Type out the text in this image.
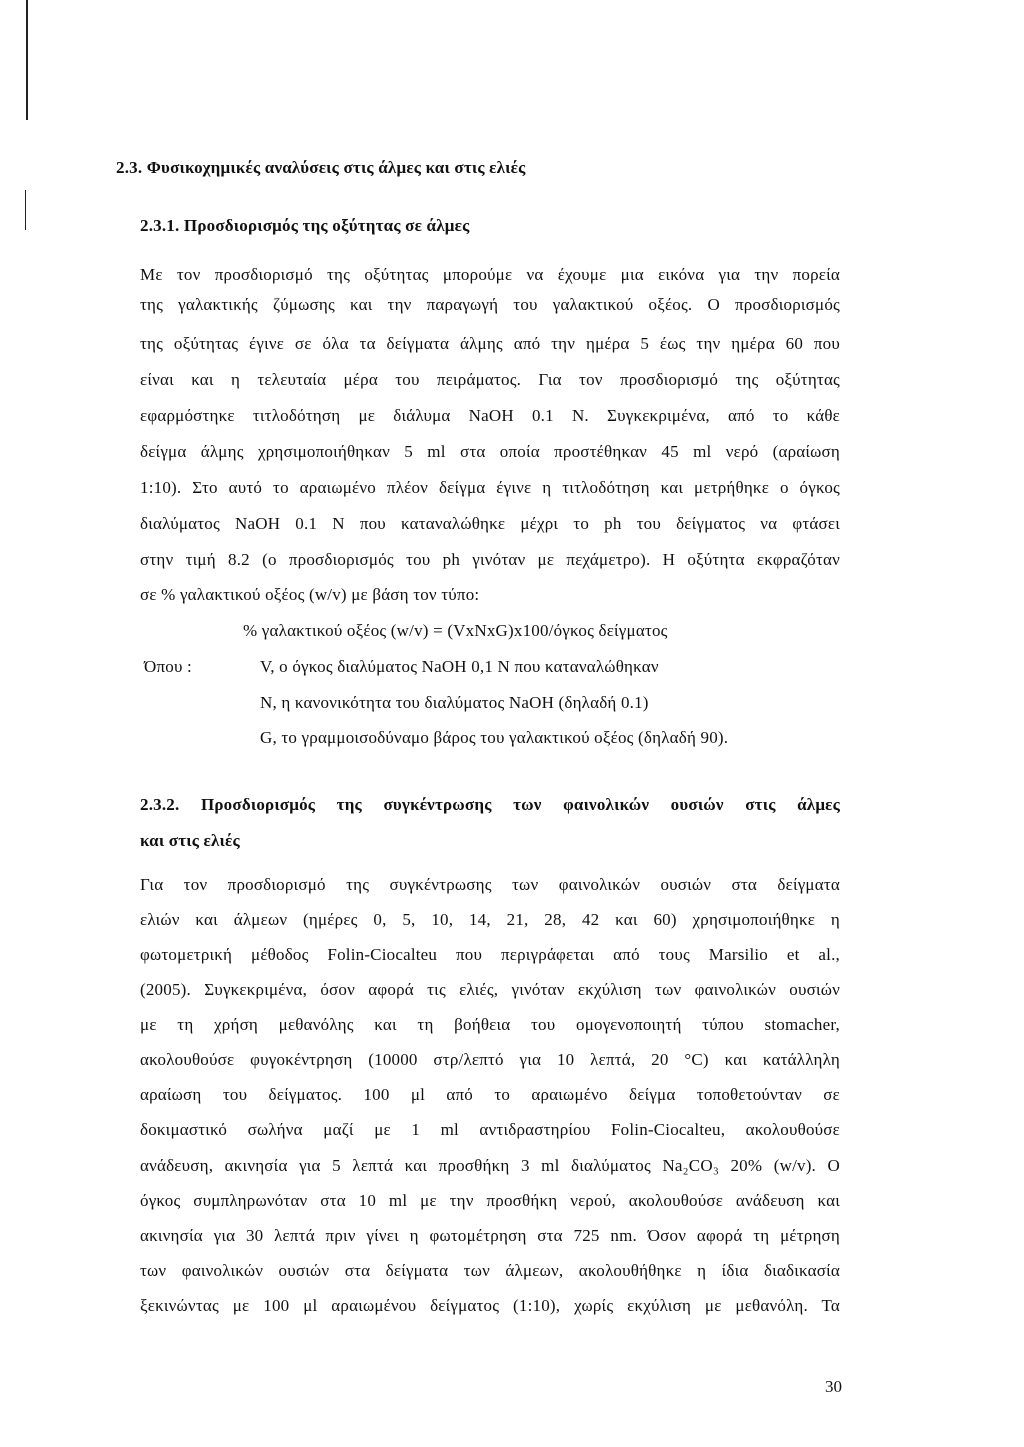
2.3. Φυσικοχημικές αναλύσεις στις άλμες και στις ελιές
2.3.1. Προσδιορισμός της οξύτητας σε άλμες
Με τον προσδιορισμό της οξύτητας μπορούμε να έχουμε μια εικόνα για την πορεία
της γαλακτικής ζύμωσης και την παραγωγή του γαλακτικού οξέος. Ο προσδιορισμός
της οξύτητας έγινε σε όλα τα δείγματα άλμης από την ημέρα 5 έως την ημέρα 60 που
είναι και η τελευταία μέρα του πειράματος. Για τον προσδιορισμό της οξύτητας
εφαρμόστηκε τιτλοδότηση με διάλυμα NaOH 0.1 N. Συγκεκριμένα, από το κάθε
δείγμα άλμης χρησιμοποιήθηκαν 5 ml στα οποία προστέθηκαν 45 ml νερό (αραίωση
1:10). Στο αυτό το αραιωμένο πλέον δείγμα έγινε η τιτλοδότηση και μετρήθηκε ο όγκος
διαλύματος NaOH 0.1 N που καταναλώθηκε μέχρι το ph του δείγματος να φτάσει
στην τιμή 8.2 (ο προσδιορισμός του ph γινόταν με πεχάμετρο). Η οξύτητα εκφραζόταν
σε % γαλακτικού οξέος (w/v) με βάση τον τύπο:
% γαλακτικού οξέος (w/v) = (VxNxG)x100/όγκος δείγματος
Όπου :	V, ο όγκος διαλύματος NaOH 0,1 N που καταναλώθηκαν
N, η κανονικότητα του διαλύματος NaOH (δηλαδή 0.1)
G, το γραμμοισοδύναμο βάρος του γαλακτικού οξέος (δηλαδή 90).
2.3.2. Προσδιορισμός της συγκέντρωσης των φαινολικών ουσιών στις άλμες
και στις ελιές
Για τον προσδιορισμό της συγκέντρωσης των φαινολικών ουσιών στα δείγματα
ελιών και άλμεων (ημέρες 0, 5, 10, 14, 21, 28, 42 και 60) χρησιμοποιήθηκε η
φωτομετρική μέθοδος Folin-Ciocalteu που περιγράφεται από τους Marsilio et al.,
(2005). Συγκεκριμένα, όσον αφορά τις ελιές, γινόταν εκχύλιση των φαινολικών ουσιών
με τη χρήση μεθανόλης και τη βοήθεια του ομογενοποιητή τύπου stomacher,
ακολουθούσε φυγοκέντρηση (10000 στρ/λεπτό για 10 λεπτά, 20 °C) και κατάλληλη
αραίωση του δείγματος. 100 μl από το αραιωμένο δείγμα τοποθετούνταν σε
δοκιμαστικό σωλήνα μαζί με 1 ml αντιδραστηρίου Folin-Ciocalteu, ακολουθούσε
ανάδευση, ακινησία για 5 λεπτά και προσθήκη 3 ml διαλύματος Na₂CO₃ 20% (w/v). Ο
όγκος συμπληρωνόταν στα 10 ml με την προσθήκη νερού, ακολουθούσε ανάδευση και
ακινησία για 30 λεπτά πριν γίνει η φωτομέτρηση στα 725 nm. Όσον αφορά τη μέτρηση
των φαινολικών ουσιών στα δείγματα των άλμεων, ακολουθήθηκε η ίδια διαδικασία
ξεκινώντας με 100 μl αραιωμένου δείγματος (1:10), χωρίς εκχύλιση με μεθανόλη. Τα
30
